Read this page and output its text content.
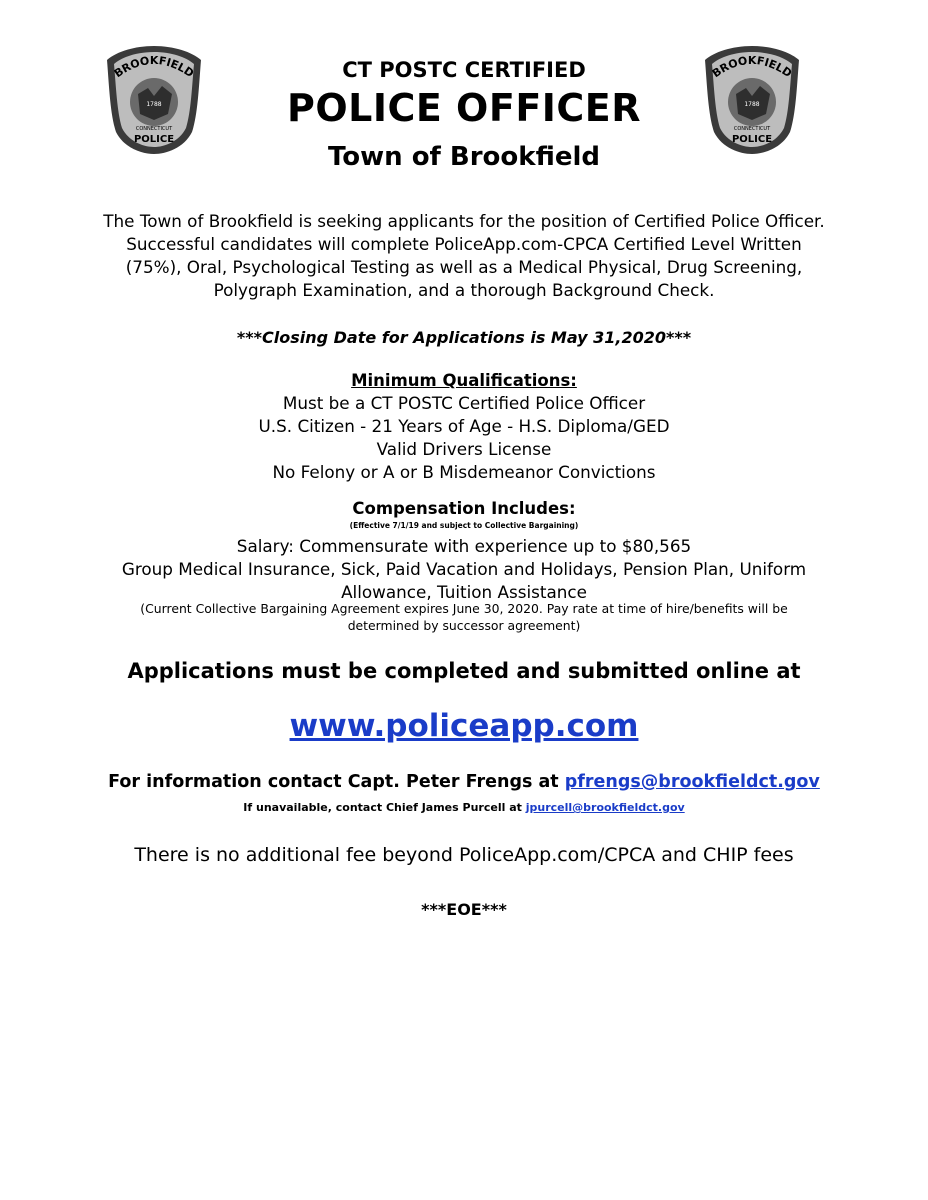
BROOKFIELD
1788
CONNECTICUT
POLICE
BROOKFIELD
1788
CONNECTICUT
POLICE
CT POSTC CERTIFIED
POLICE OFFICER
Town of Brookfield
The Town of Brookfield is seeking applicants for the position of Certified Police Officer.
Successful candidates will complete PoliceApp.com-CPCA Certified Level Written
(75%), Oral, Psychological Testing as well as a Medical Physical, Drug Screening,
Polygraph Examination, and a thorough Background Check.
***Closing Date for Applications is May 31,2020***
Minimum Qualifications:
Must be a CT POSTC Certified Police Officer
U.S. Citizen - 21 Years of Age - H.S. Diploma/GED
Valid Drivers License
No Felony or A or B Misdemeanor Convictions
Compensation Includes:
(Effective 7/1/19 and subject to Collective Bargaining)
Salary: Commensurate with experience up to $80,565
Group Medical Insurance, Sick, Paid Vacation and Holidays, Pension Plan, Uniform
Allowance, Tuition Assistance
(Current Collective Bargaining Agreement expires June 30, 2020. Pay rate at time of hire/benefits will be
determined by successor agreement)
Applications must be completed and submitted online at
www.policeapp.com
For information contact Capt. Peter Frengs at pfrengs@brookfieldct.gov
If unavailable, contact Chief James Purcell at jpurcell@brookfieldct.gov
There is no additional fee beyond PoliceApp.com/CPCA and CHIP fees
***EOE***
